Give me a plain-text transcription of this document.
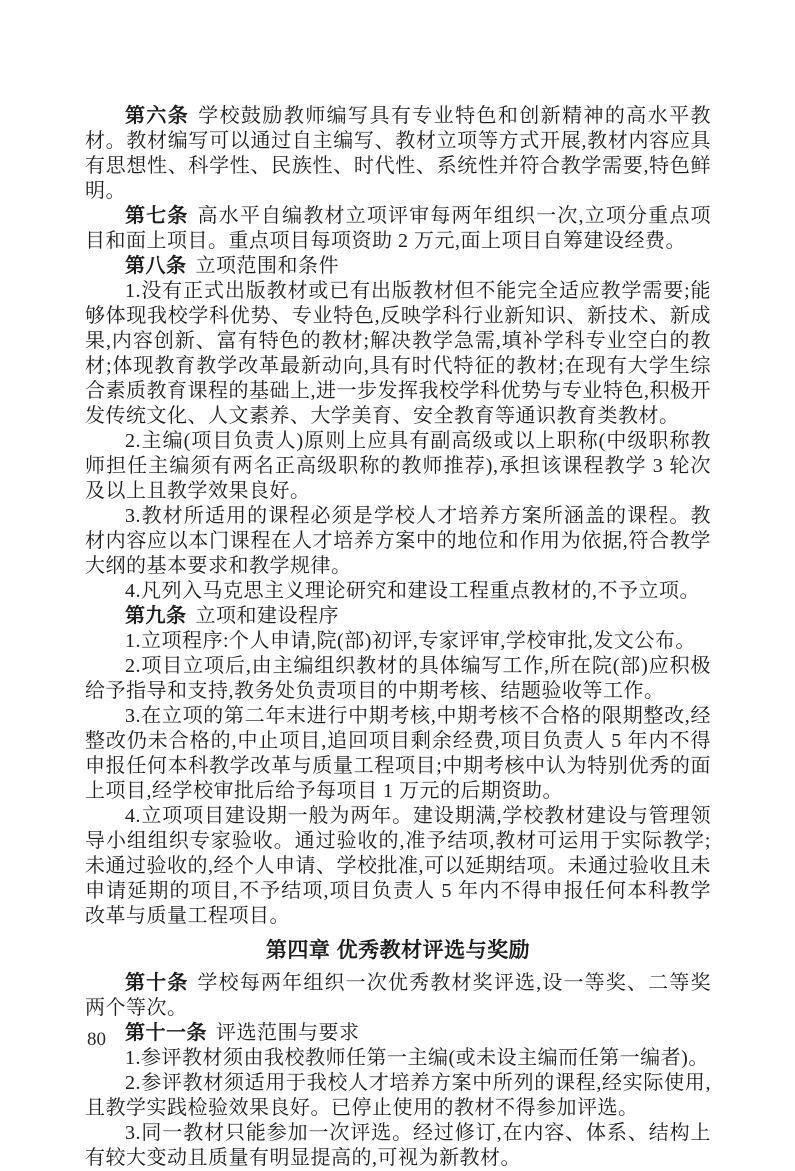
第六条 学校鼓励教师编写具有专业特色和创新精神的高水平教材。教材编写可以通过自主编写、教材立项等方式开展,教材内容应具有思想性、科学性、民族性、时代性、系统性并符合教学需要,特色鲜明。

第七条 高水平自编教材立项评审每两年组织一次,立项分重点项目和面上项目。重点项目每项资助 2 万元,面上项目自筹建设经费。

第八条 立项范围和条件

1.没有正式出版教材或已有出版教材但不能完全适应教学需要;能够体现我校学科优势、专业特色,反映学科行业新知识、新技术、新成果,内容创新、富有特色的教材;解决教学急需,填补学科专业空白的教材;体现教育教学改革最新动向,具有时代特征的教材;在现有大学生综合素质教育课程的基础上,进一步发挥我校学科优势与专业特色,积极开发传统文化、人文素养、大学美育、安全教育等通识教育类教材。

2.主编(项目负责人)原则上应具有副高级或以上职称(中级职称教师担任主编须有两名正高级职称的教师推荐),承担该课程教学 3 轮次及以上且教学效果良好。

3.教材所适用的课程必须是学校人才培养方案所涵盖的课程。教材内容应以本门课程在人才培养方案中的地位和作用为依据,符合教学大纲的基本要求和教学规律。

4.凡列入马克思主义理论研究和建设工程重点教材的,不予立项。

第九条 立项和建设程序

1.立项程序:个人申请,院(部)初评,专家评审,学校审批,发文公布。

2.项目立项后,由主编组织教材的具体编写工作,所在院(部)应积极给予指导和支持,教务处负责项目的中期考核、结题验收等工作。

3.在立项的第二年末进行中期考核,中期考核不合格的限期整改,经整改仍未合格的,中止项目,追回项目剩余经费,项目负责人 5 年内不得申报任何本科教学改革与质量工程项目;中期考核中认为特别优秀的面上项目,经学校审批后给予每项目 1 万元的后期资助。

4.立项项目建设期一般为两年。建设期满,学校教材建设与管理领导小组组织专家验收。通过验收的,准予结项,教材可运用于实际教学;未通过验收的,经个人申请、学校批准,可以延期结项。未通过验收且未申请延期的项目,不予结项,项目负责人 5 年内不得申报任何本科教学改革与质量工程项目。

第四章 优秀教材评选与奖励

第十条 学校每两年组织一次优秀教材奖评选,设一等奖、二等奖两个等次。

第十一条 评选范围与要求

1.参评教材须由我校教师任第一主编(或未设主编而任第一编者)。

2.参评教材须适用于我校人才培养方案中所列的课程,经实际使用,且教学实践检验效果良好。已停止使用的教材不得参加评选。

3.同一教材只能参加一次评选。经过修订,在内容、体系、结构上有较大变动且质量有明显提高的,可视为新教材。

80
